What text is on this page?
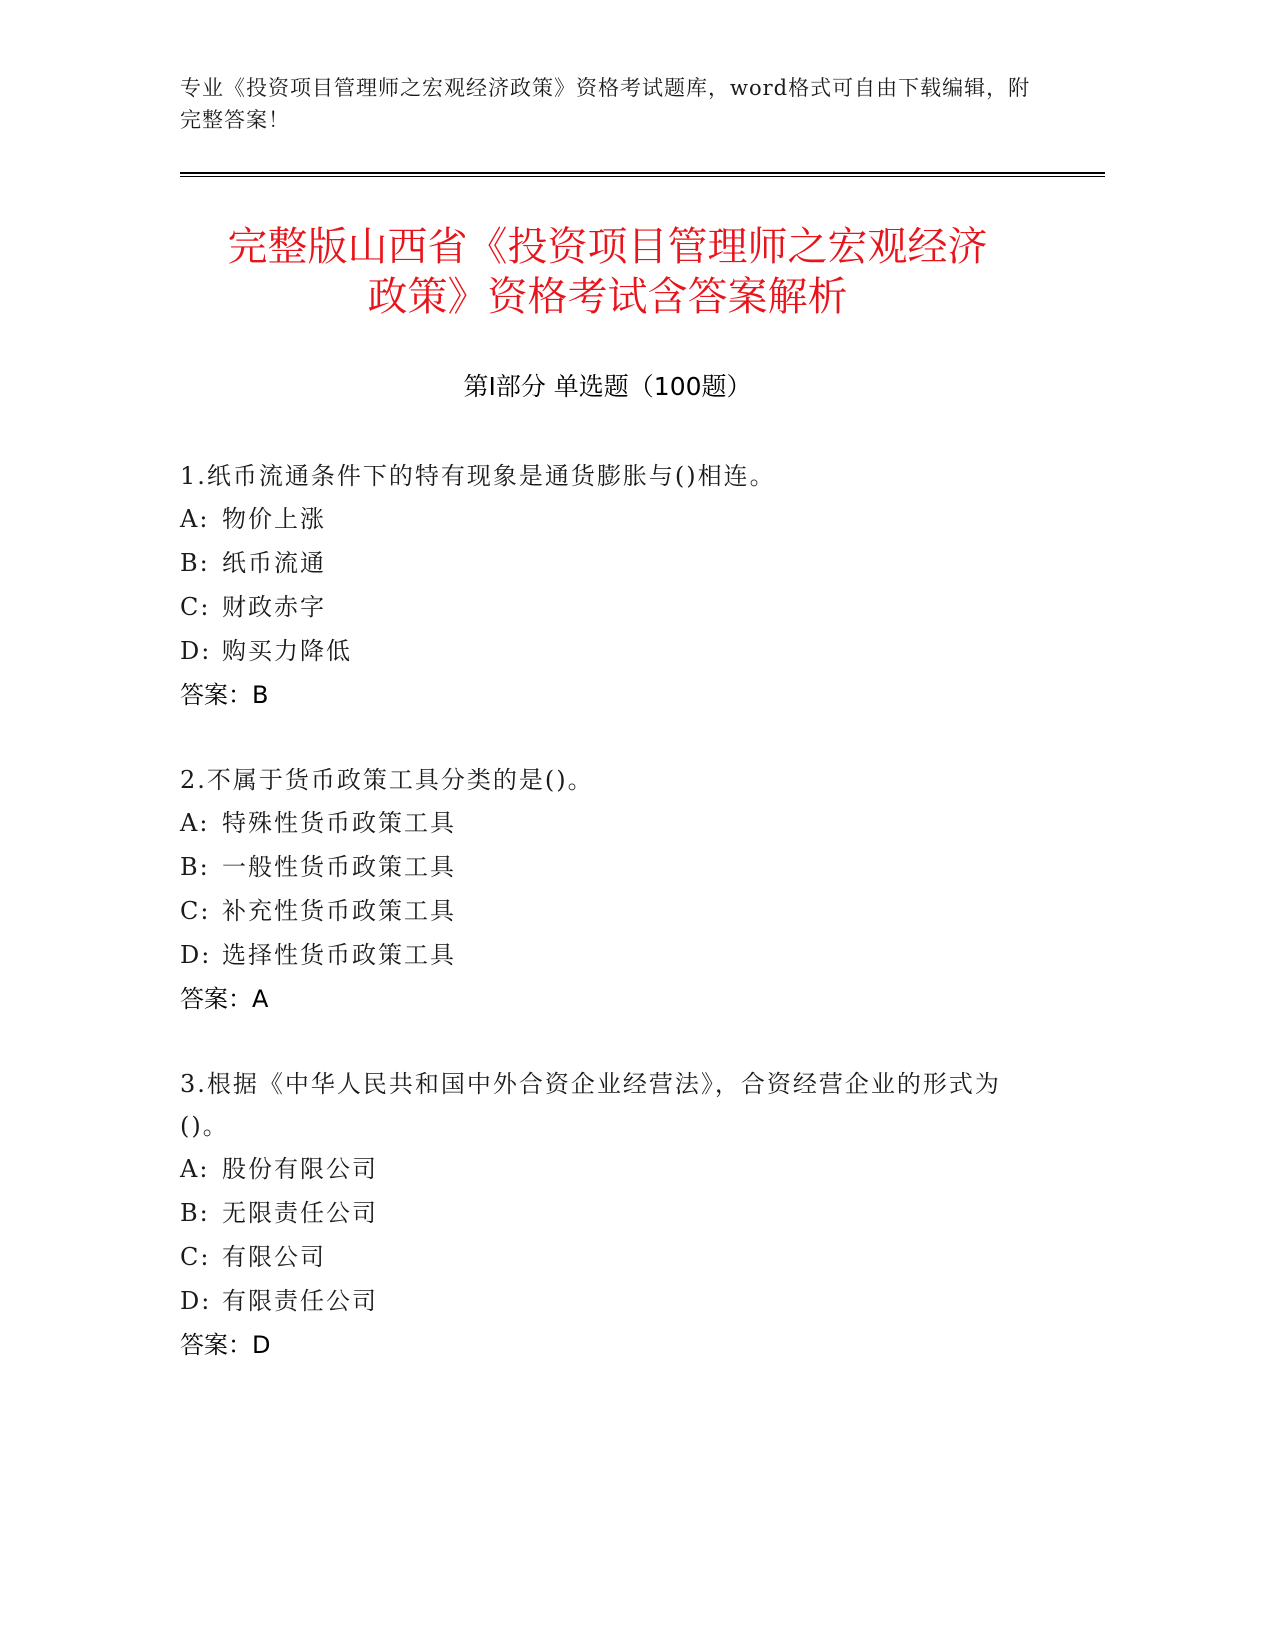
专业《投资项目管理师之宏观经济政策》资格考试题库，word格式可自由下载编辑，附完整答案！
完整版山西省《投资项目管理师之宏观经济
政策》资格考试含答案解析
第Ⅰ部分 单选题（100题）
1.纸币流通条件下的特有现象是通货膨胀与()相连。
A: 物价上涨
B: 纸币流通
C: 财政赤字
D: 购买力降低
答案：B
2.不属于货币政策工具分类的是()。
A: 特殊性货币政策工具
B: 一般性货币政策工具
C: 补充性货币政策工具
D: 选择性货币政策工具
答案：A
3.根据《中华人民共和国中外合资企业经营法》，合资经营企业的形式为()。
A: 股份有限公司
B: 无限责任公司
C: 有限公司
D: 有限责任公司
答案：D
